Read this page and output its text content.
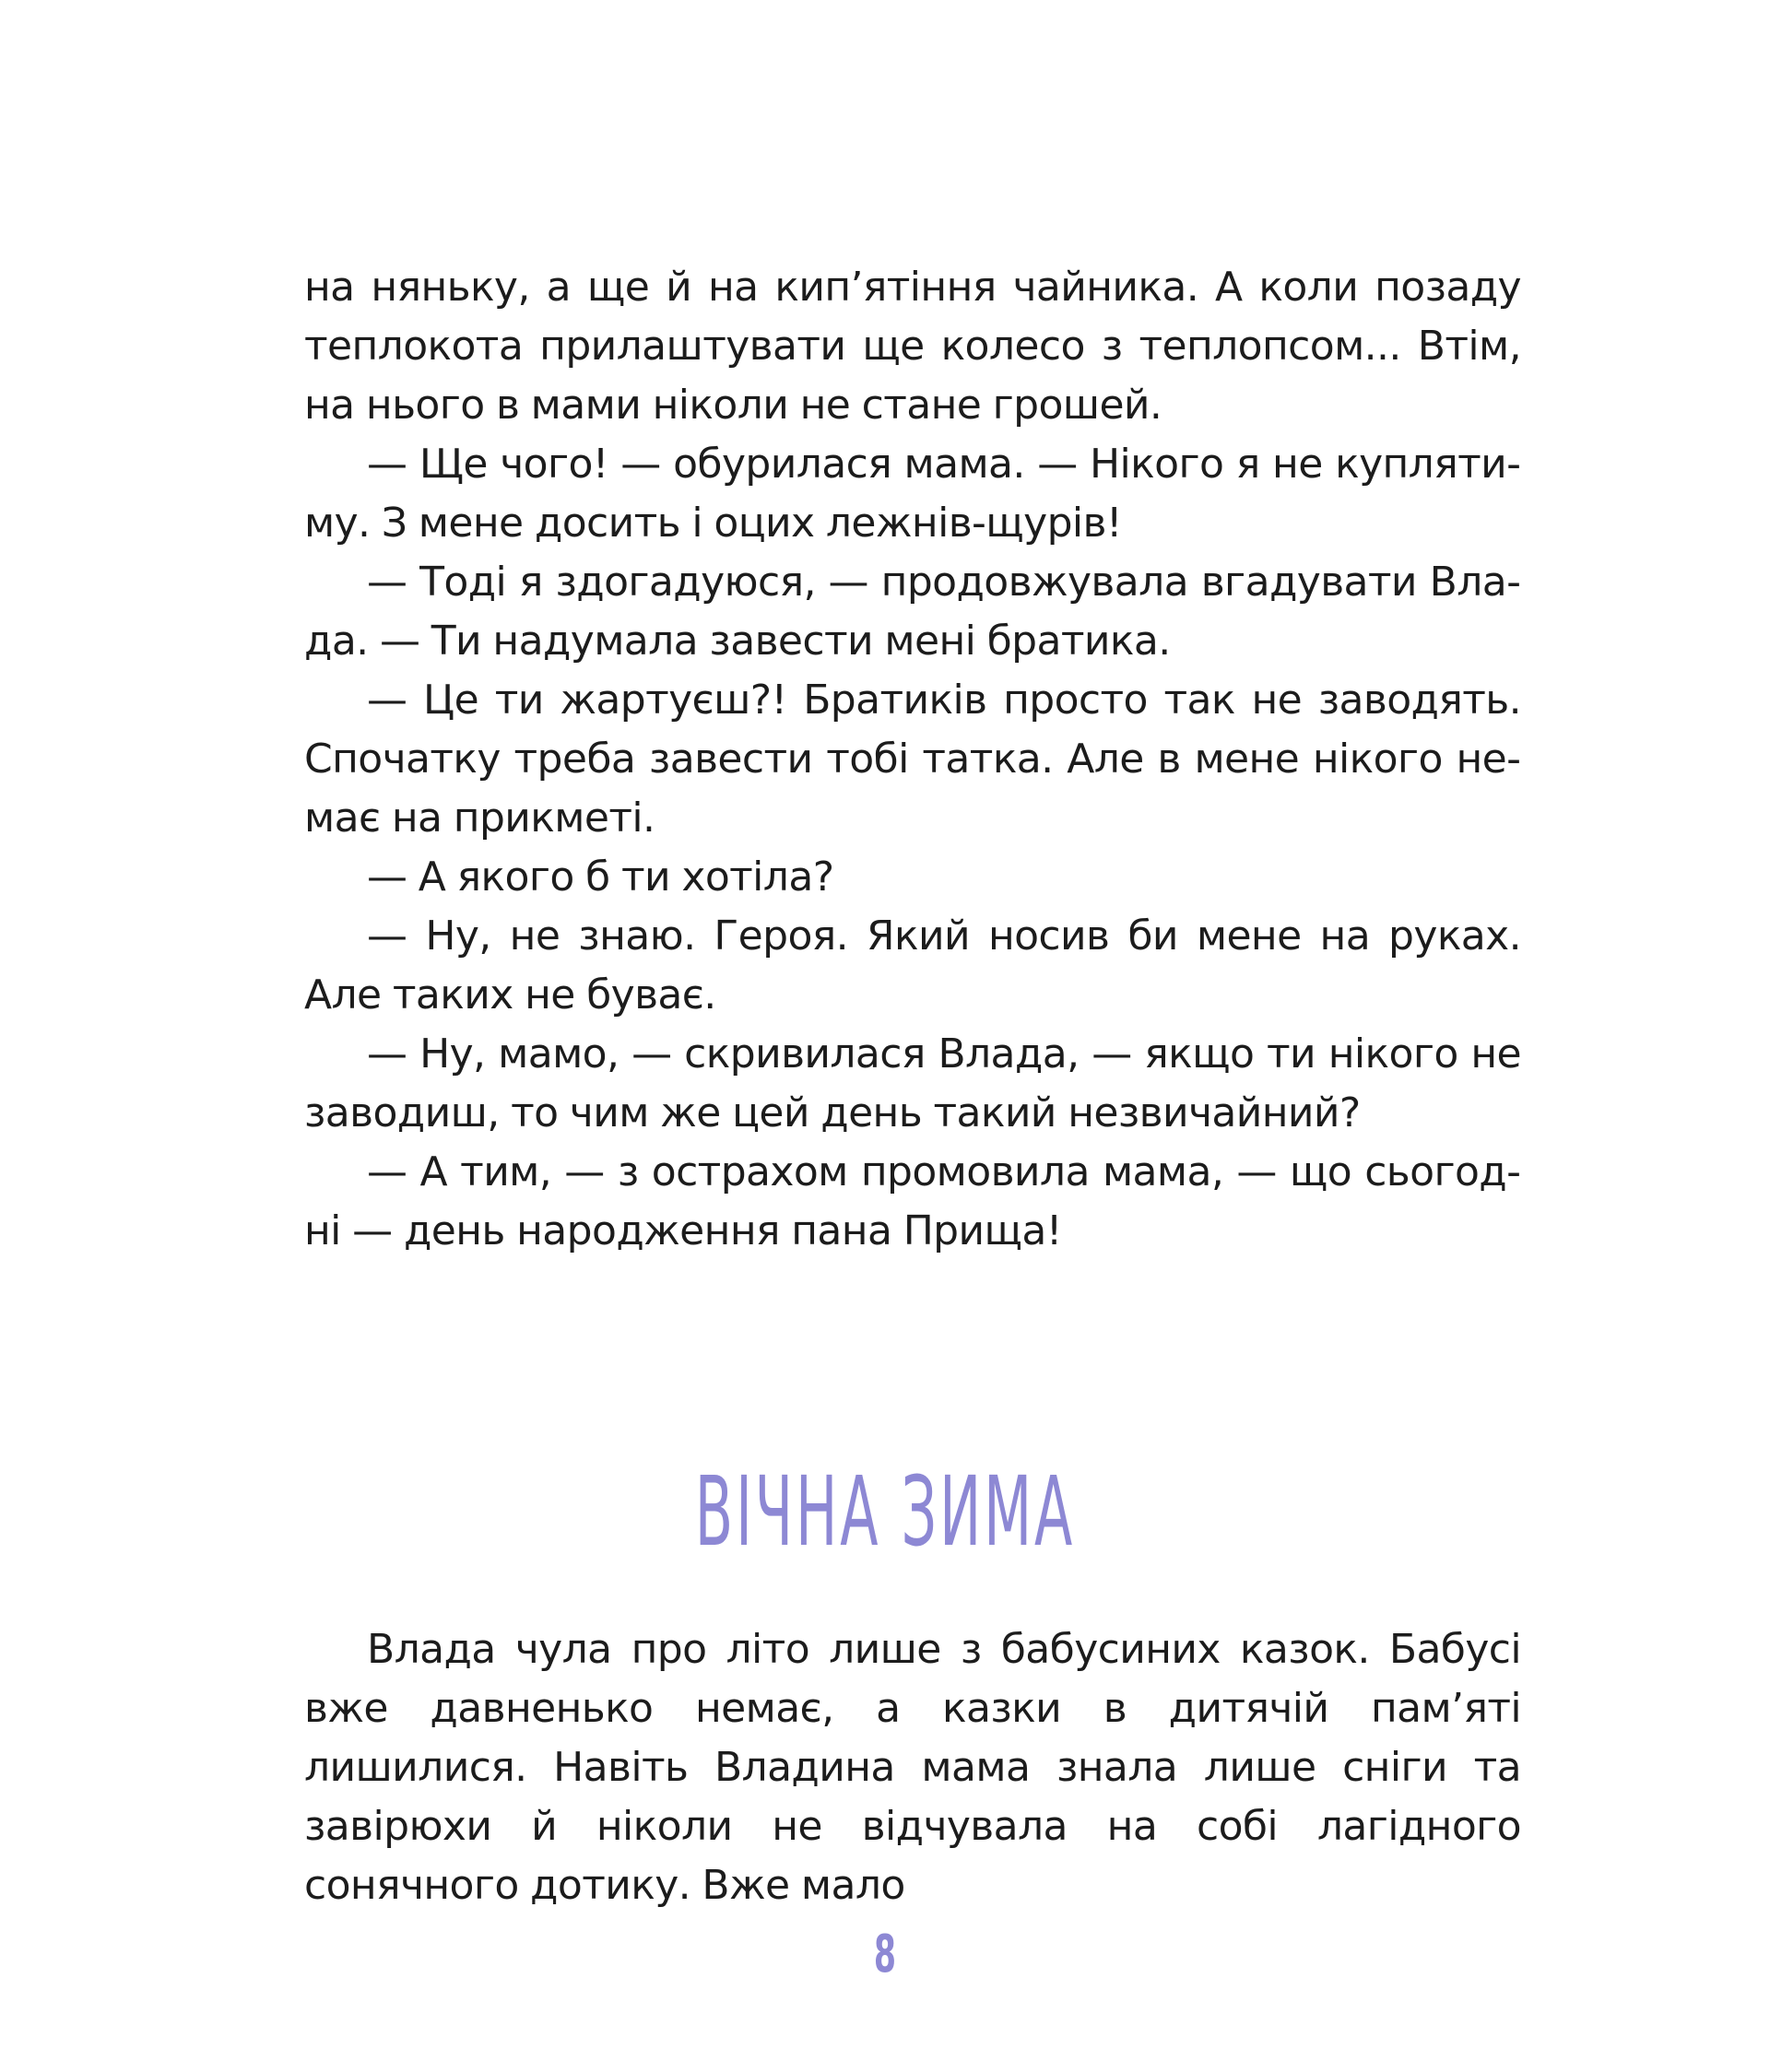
на няньку, а ще й на кип’ятіння чайника. А коли позаду теплокота прилаштувати ще колесо з теплопсом... Втім, на нього в мами ніколи не стане грошей.

— Ще чого! — обурилася мама. — Нікого я не куплятиму. З мене досить і оцих лежнів-щурів!

— Тоді я здогадуюся, — продовжувала вгадувати Влада. — Ти надумала завести мені братика.

— Це ти жартуєш?! Братиків просто так не заводять. Спочатку треба завести тобі татка. Але в мене нікого немає на прикметі.

— А якого б ти хотіла?

— Ну, не знаю. Героя. Який носив би мене на руках. Але таких не буває.

— Ну, мамо, — скривилася Влада, — якщо ти нікого не заводиш, то чим же цей день такий незвичайний?

— А тим, — з острахом промовила мама, — що сьогодні — день народження пана Прища!

ВІЧНА ЗИМА

Влада чула про літо лише з бабусиних казок. Бабусі вже давненько немає, а казки в дитячій пам’яті лишилися. Навіть Владина мама знала лише сніги та завірюхи й ніколи не відчувала на собі лагідного сонячного дотику. Вже мало

8
